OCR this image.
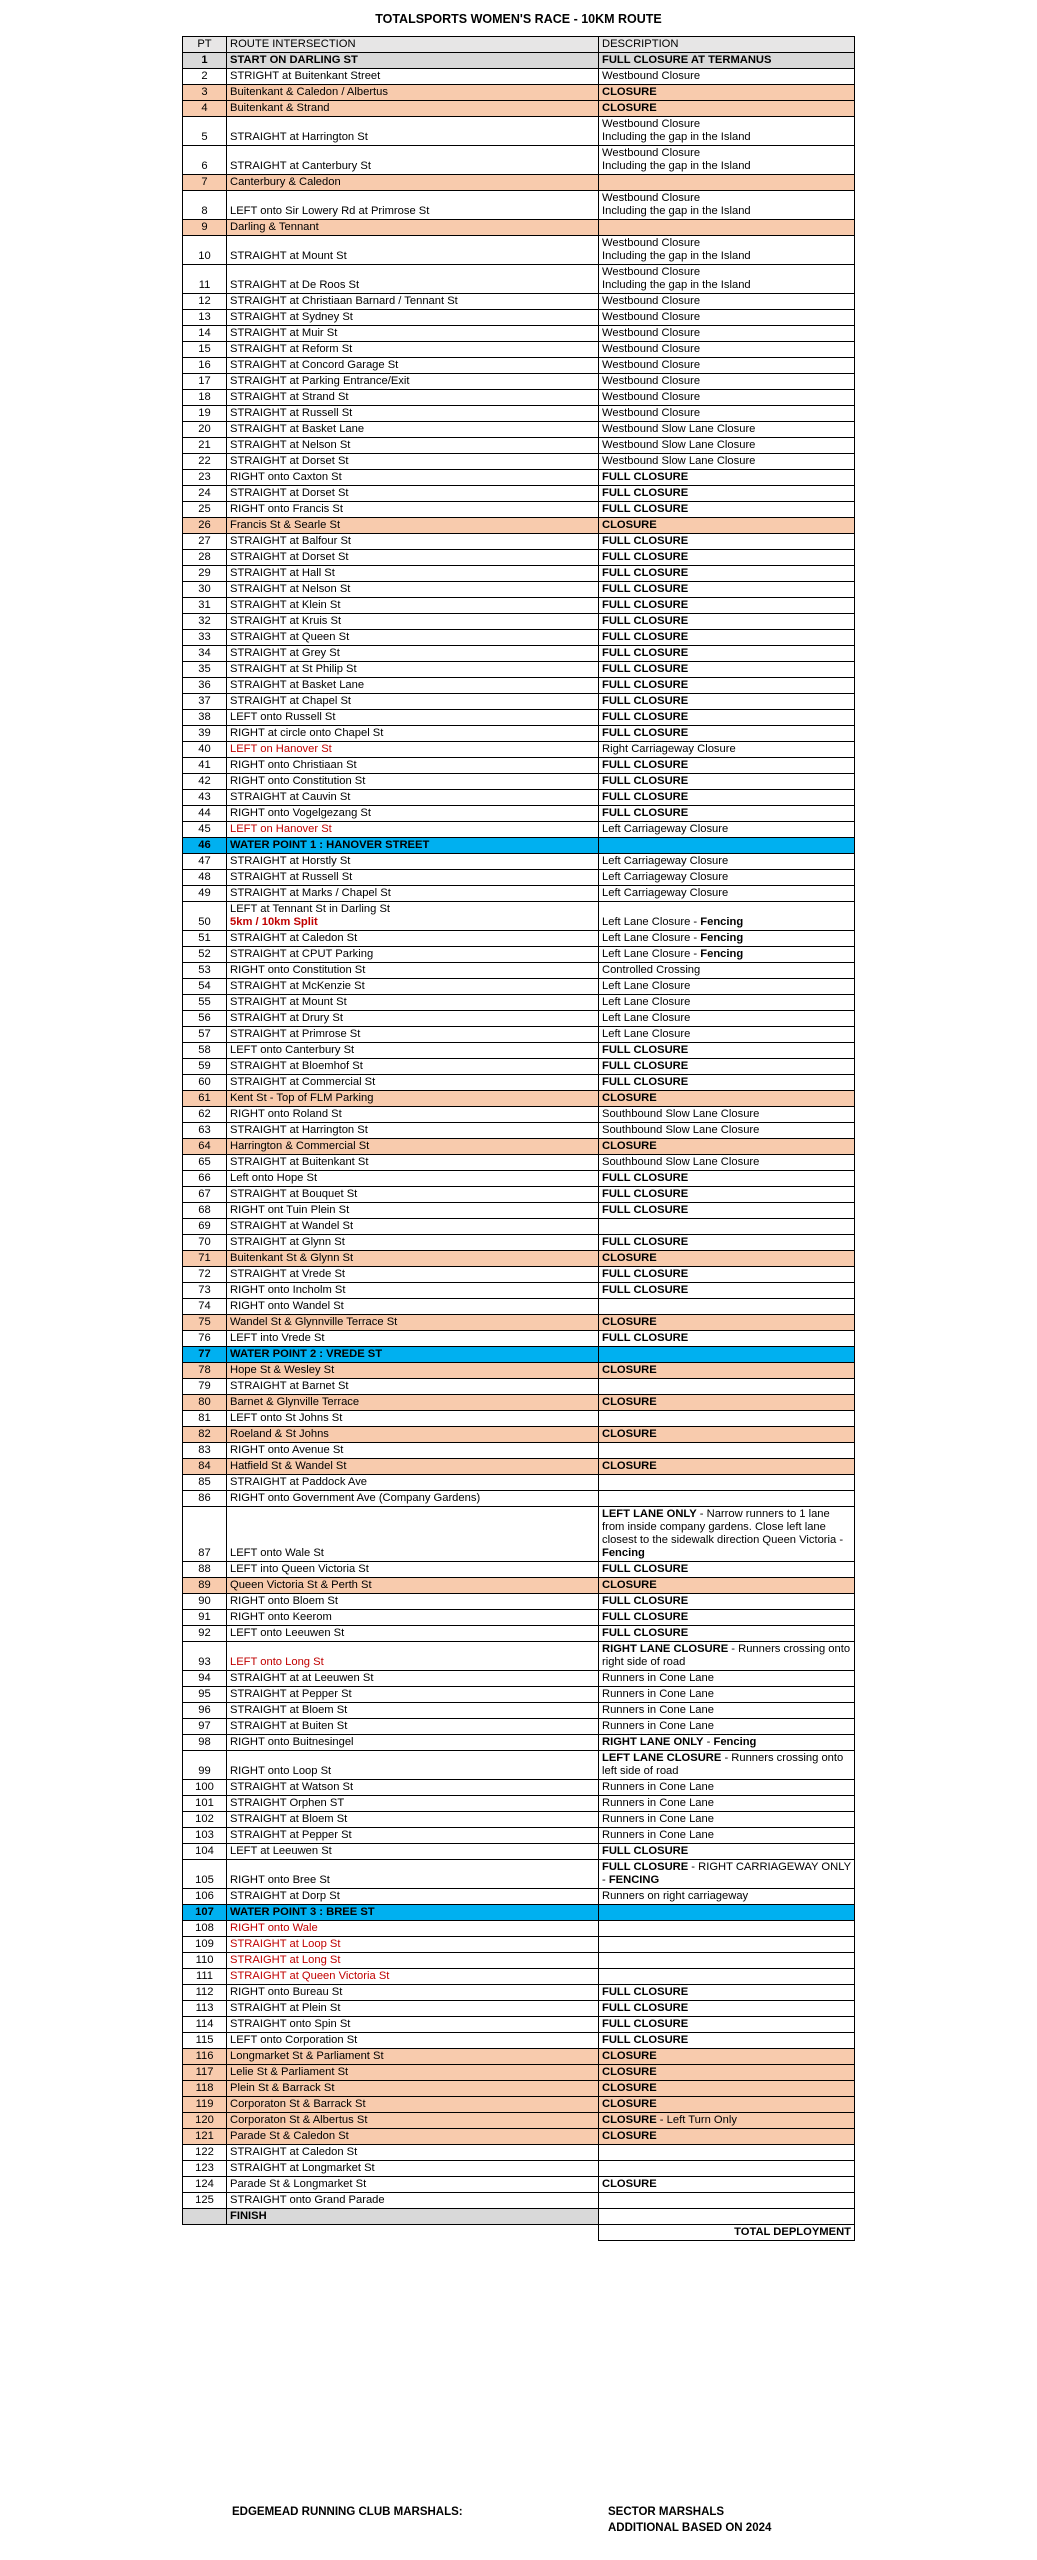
TOTALSPORTS WOMEN'S RACE - 10KM ROUTE
PT	ROUTE INTERSECTION	DESCRIPTION
1	START ON DARLING ST	FULL CLOSURE AT TERMANUS
2	STRIGHT at Buitenkant Street	Westbound Closure
3	Buitenkant & Caledon / Albertus	CLOSURE
4	Buitenkant & Strand	CLOSURE
5	STRAIGHT at Harrington St	Westbound Closure
Including the gap in the Island
6	STRAIGHT at Canterbury St	Westbound Closure
Including the gap in the Island
7	Canterbury & Caledon	
8	LEFT onto Sir Lowery Rd at Primrose St	Westbound Closure
Including the gap in the Island
9	Darling & Tennant	
10	STRAIGHT at Mount St	Westbound Closure
Including the gap in the Island
11	STRAIGHT at De Roos St	Westbound Closure
Including the gap in the Island
12	STRAIGHT at Christiaan Barnard / Tennant St	Westbound Closure
13	STRAIGHT at Sydney St	Westbound Closure
14	STRAIGHT at Muir St	Westbound Closure
15	STRAIGHT at Reform St	Westbound Closure
16	STRAIGHT at Concord Garage St	Westbound Closure
17	STRAIGHT at Parking Entrance/Exit	Westbound Closure
18	STRAIGHT at Strand St	Westbound Closure
19	STRAIGHT at Russell St	Westbound Closure
20	STRAIGHT at Basket Lane	Westbound Slow Lane Closure
21	STRAIGHT at Nelson St	Westbound Slow Lane Closure
22	STRAIGHT at Dorset St	Westbound Slow Lane Closure
23	RIGHT onto Caxton St	FULL CLOSURE
24	STRAIGHT at Dorset St	FULL CLOSURE
25	RIGHT onto Francis St	FULL CLOSURE
26	Francis St & Searle St	CLOSURE
27	STRAIGHT at Balfour St	FULL CLOSURE
28	STRAIGHT at Dorset St	FULL CLOSURE
29	STRAIGHT at Hall St	FULL CLOSURE
30	STRAIGHT at Nelson St	FULL CLOSURE
31	STRAIGHT at Klein St	FULL CLOSURE
32	STRAIGHT at Kruis St	FULL CLOSURE
33	STRAIGHT at Queen St	FULL CLOSURE
34	STRAIGHT at Grey St	FULL CLOSURE
35	STRAIGHT at St Philip St	FULL CLOSURE
36	STRAIGHT at Basket Lane	FULL CLOSURE
37	STRAIGHT at Chapel St	FULL CLOSURE
38	LEFT onto Russell St	FULL CLOSURE
39	RIGHT at circle onto Chapel St	FULL CLOSURE
40	LEFT on Hanover St	Right Carriageway Closure
41	RIGHT onto Christiaan St	FULL CLOSURE
42	RIGHT onto Constitution St	FULL CLOSURE
43	STRAIGHT at Cauvin St	FULL CLOSURE
44	RIGHT onto Vogelgezang St	FULL CLOSURE
45	LEFT on Hanover St	Left Carriageway Closure
46	WATER POINT 1 : HANOVER STREET	
47	STRAIGHT at Horstly St	Left Carriageway Closure
48	STRAIGHT at Russell St	Left Carriageway Closure
49	STRAIGHT at Marks / Chapel St	Left Carriageway Closure
50	LEFT at Tennant St in Darling St
5km / 10km Split	Left Lane Closure - Fencing
51	STRAIGHT at Caledon St	Left Lane Closure - Fencing
52	STRAIGHT at CPUT Parking	Left Lane Closure - Fencing
53	RIGHT onto Constitution St	Controlled Crossing
54	STRAIGHT at McKenzie St	Left Lane Closure
55	STRAIGHT at Mount St	Left Lane Closure
56	STRAIGHT at Drury St	Left Lane Closure
57	STRAIGHT at Primrose St	Left Lane Closure
58	LEFT onto Canterbury St	FULL CLOSURE
59	STRAIGHT at Bloemhof St	FULL CLOSURE
60	STRAIGHT at Commercial St	FULL CLOSURE
61	Kent St - Top of FLM Parking	CLOSURE
62	RIGHT onto Roland St	Southbound Slow Lane Closure
63	STRAIGHT at Harrington St	Southbound Slow Lane Closure
64	Harrington & Commercial St	CLOSURE
65	STRAIGHT at Buitenkant St	Southbound Slow Lane Closure
66	Left onto Hope St	FULL CLOSURE
67	STRAIGHT at Bouquet St	FULL CLOSURE
68	RIGHT ont Tuin Plein St	FULL CLOSURE
69	STRAIGHT at Wandel St	
70	STRAIGHT at Glynn St	FULL CLOSURE
71	Buitenkant St & Glynn St	CLOSURE
72	STRAIGHT at Vrede St	FULL CLOSURE
73	RIGHT onto Incholm St	FULL CLOSURE
74	RIGHT onto Wandel St	
75	Wandel St & Glynnville Terrace St	CLOSURE
76	LEFT into Vrede St	FULL CLOSURE
77	WATER POINT 2 : VREDE ST	
78	Hope St & Wesley St	CLOSURE
79	STRAIGHT at Barnet St	
80	Barnet & Glynville Terrace	CLOSURE
81	LEFT onto St Johns St	
82	Roeland & St Johns	CLOSURE
83	RIGHT onto Avenue St	
84	Hatfield St & Wandel St	CLOSURE
85	STRAIGHT at Paddock Ave	
86	RIGHT onto Government Ave (Company Gardens)	
87	LEFT onto Wale St	LEFT LANE ONLY - Narrow runners to 1 lane from inside company gardens. Close left lane closest to the sidewalk direction Queen Victoria - Fencing
88	LEFT into Queen Victoria St	FULL CLOSURE
89	Queen Victoria St & Perth St	CLOSURE
90	RIGHT onto Bloem St	FULL CLOSURE
91	RIGHT onto Keerom	FULL CLOSURE
92	LEFT onto Leeuwen St	FULL CLOSURE
93	LEFT onto Long St	RIGHT LANE CLOSURE - Runners crossing onto right side of road
94	STRAIGHT at at Leeuwen St	Runners in Cone Lane
95	STRAIGHT at Pepper St	Runners in Cone Lane
96	STRAIGHT at Bloem St	Runners in Cone Lane
97	STRAIGHT at Buiten St	Runners in Cone Lane
98	RIGHT onto Buitnesingel	RIGHT LANE ONLY - Fencing
99	RIGHT onto Loop St	LEFT LANE CLOSURE - Runners crossing onto left side of road
100	STRAIGHT at Watson St	Runners in Cone Lane
101	STRAIGHT Orphen ST	Runners in Cone Lane
102	STRAIGHT at Bloem St	Runners in Cone Lane
103	STRAIGHT at Pepper St	Runners in Cone Lane
104	LEFT at Leeuwen St	FULL CLOSURE
105	RIGHT onto Bree St	FULL CLOSURE - RIGHT CARRIAGEWAY ONLY - FENCING
106	STRAIGHT at Dorp St	Runners on right carriageway
107	WATER POINT 3 : BREE ST	
108	RIGHT onto Wale	
109	STRAIGHT at Loop St	
110	STRAIGHT at Long St	
111	STRAIGHT at Queen Victoria St	
112	RIGHT onto Bureau St	FULL CLOSURE
113	STRAIGHT at Plein St	FULL CLOSURE
114	STRAIGHT onto Spin St	FULL CLOSURE
115	LEFT onto Corporation St	FULL CLOSURE
116	Longmarket St & Parliament St	CLOSURE
117	Lelie St & Parliament St	CLOSURE
118	Plein St & Barrack St	CLOSURE
119	Corporaton St & Barrack St	CLOSURE
120	Corporaton St & Albertus St	CLOSURE - Left Turn Only
121	Parade St & Caledon St	CLOSURE
122	STRAIGHT at Caledon St	
123	STRAIGHT at Longmarket St	
124	Parade St & Longmarket St	CLOSURE
125	STRAIGHT onto Grand Parade	
	FINISH	
		TOTAL DEPLOYMENT
EDGEMEAD RUNNING CLUB MARSHALS:	SECTOR MARSHALS
ADDITIONAL BASED ON 2024
